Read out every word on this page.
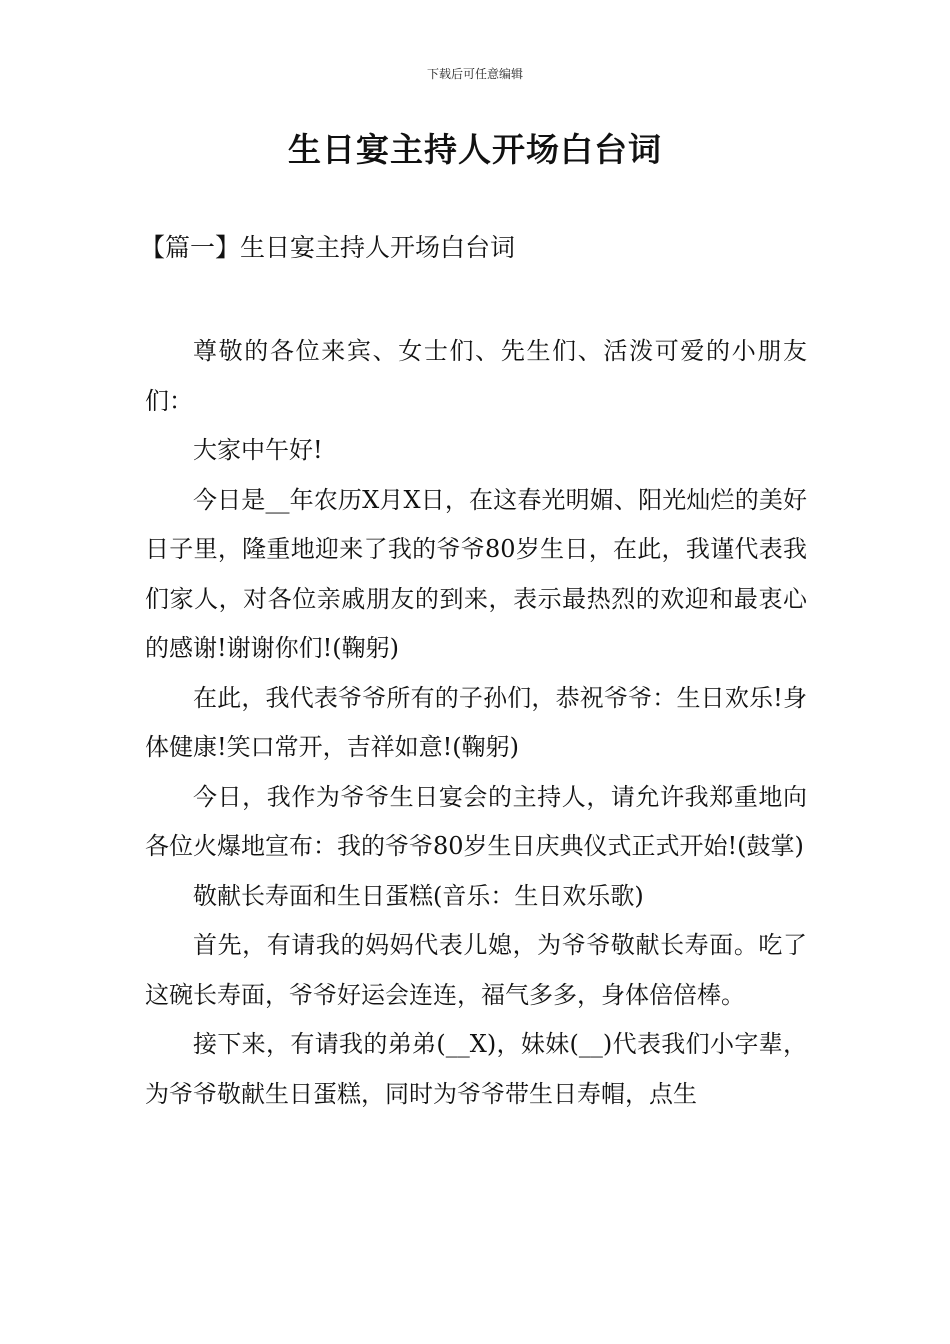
下载后可任意编辑
生日宴主持人开场白台词
【篇一】生日宴主持人开场白台词

尊敬的各位来宾、女士们、先生们、活泼可爱的小朋友们：

大家中午好!

今日是__年农历X月X日，在这春光明媚、阳光灿烂的美好日子里，隆重地迎来了我的爷爷80岁生日，在此，我谨代表我们家人，对各位亲戚朋友的到来，表示最热烈的欢迎和最衷心的感谢!谢谢你们!(鞠躬)

在此，我代表爷爷所有的子孙们，恭祝爷爷：生日欢乐!身体健康!笑口常开，吉祥如意!(鞠躬)

今日，我作为爷爷生日宴会的主持人，请允许我郑重地向各位火爆地宣布：我的爷爷80岁生日庆典仪式正式开始!(鼓掌)

敬献长寿面和生日蛋糕(音乐：生日欢乐歌)

首先，有请我的妈妈代表儿媳，为爷爷敬献长寿面。吃了这碗长寿面，爷爷好运会连连，福气多多，身体倍倍棒。

接下来，有请我的弟弟(__X)，妹妹(__)代表我们小字辈，为爷爷敬献生日蛋糕，同时为爷爷带生日寿帽，点生
